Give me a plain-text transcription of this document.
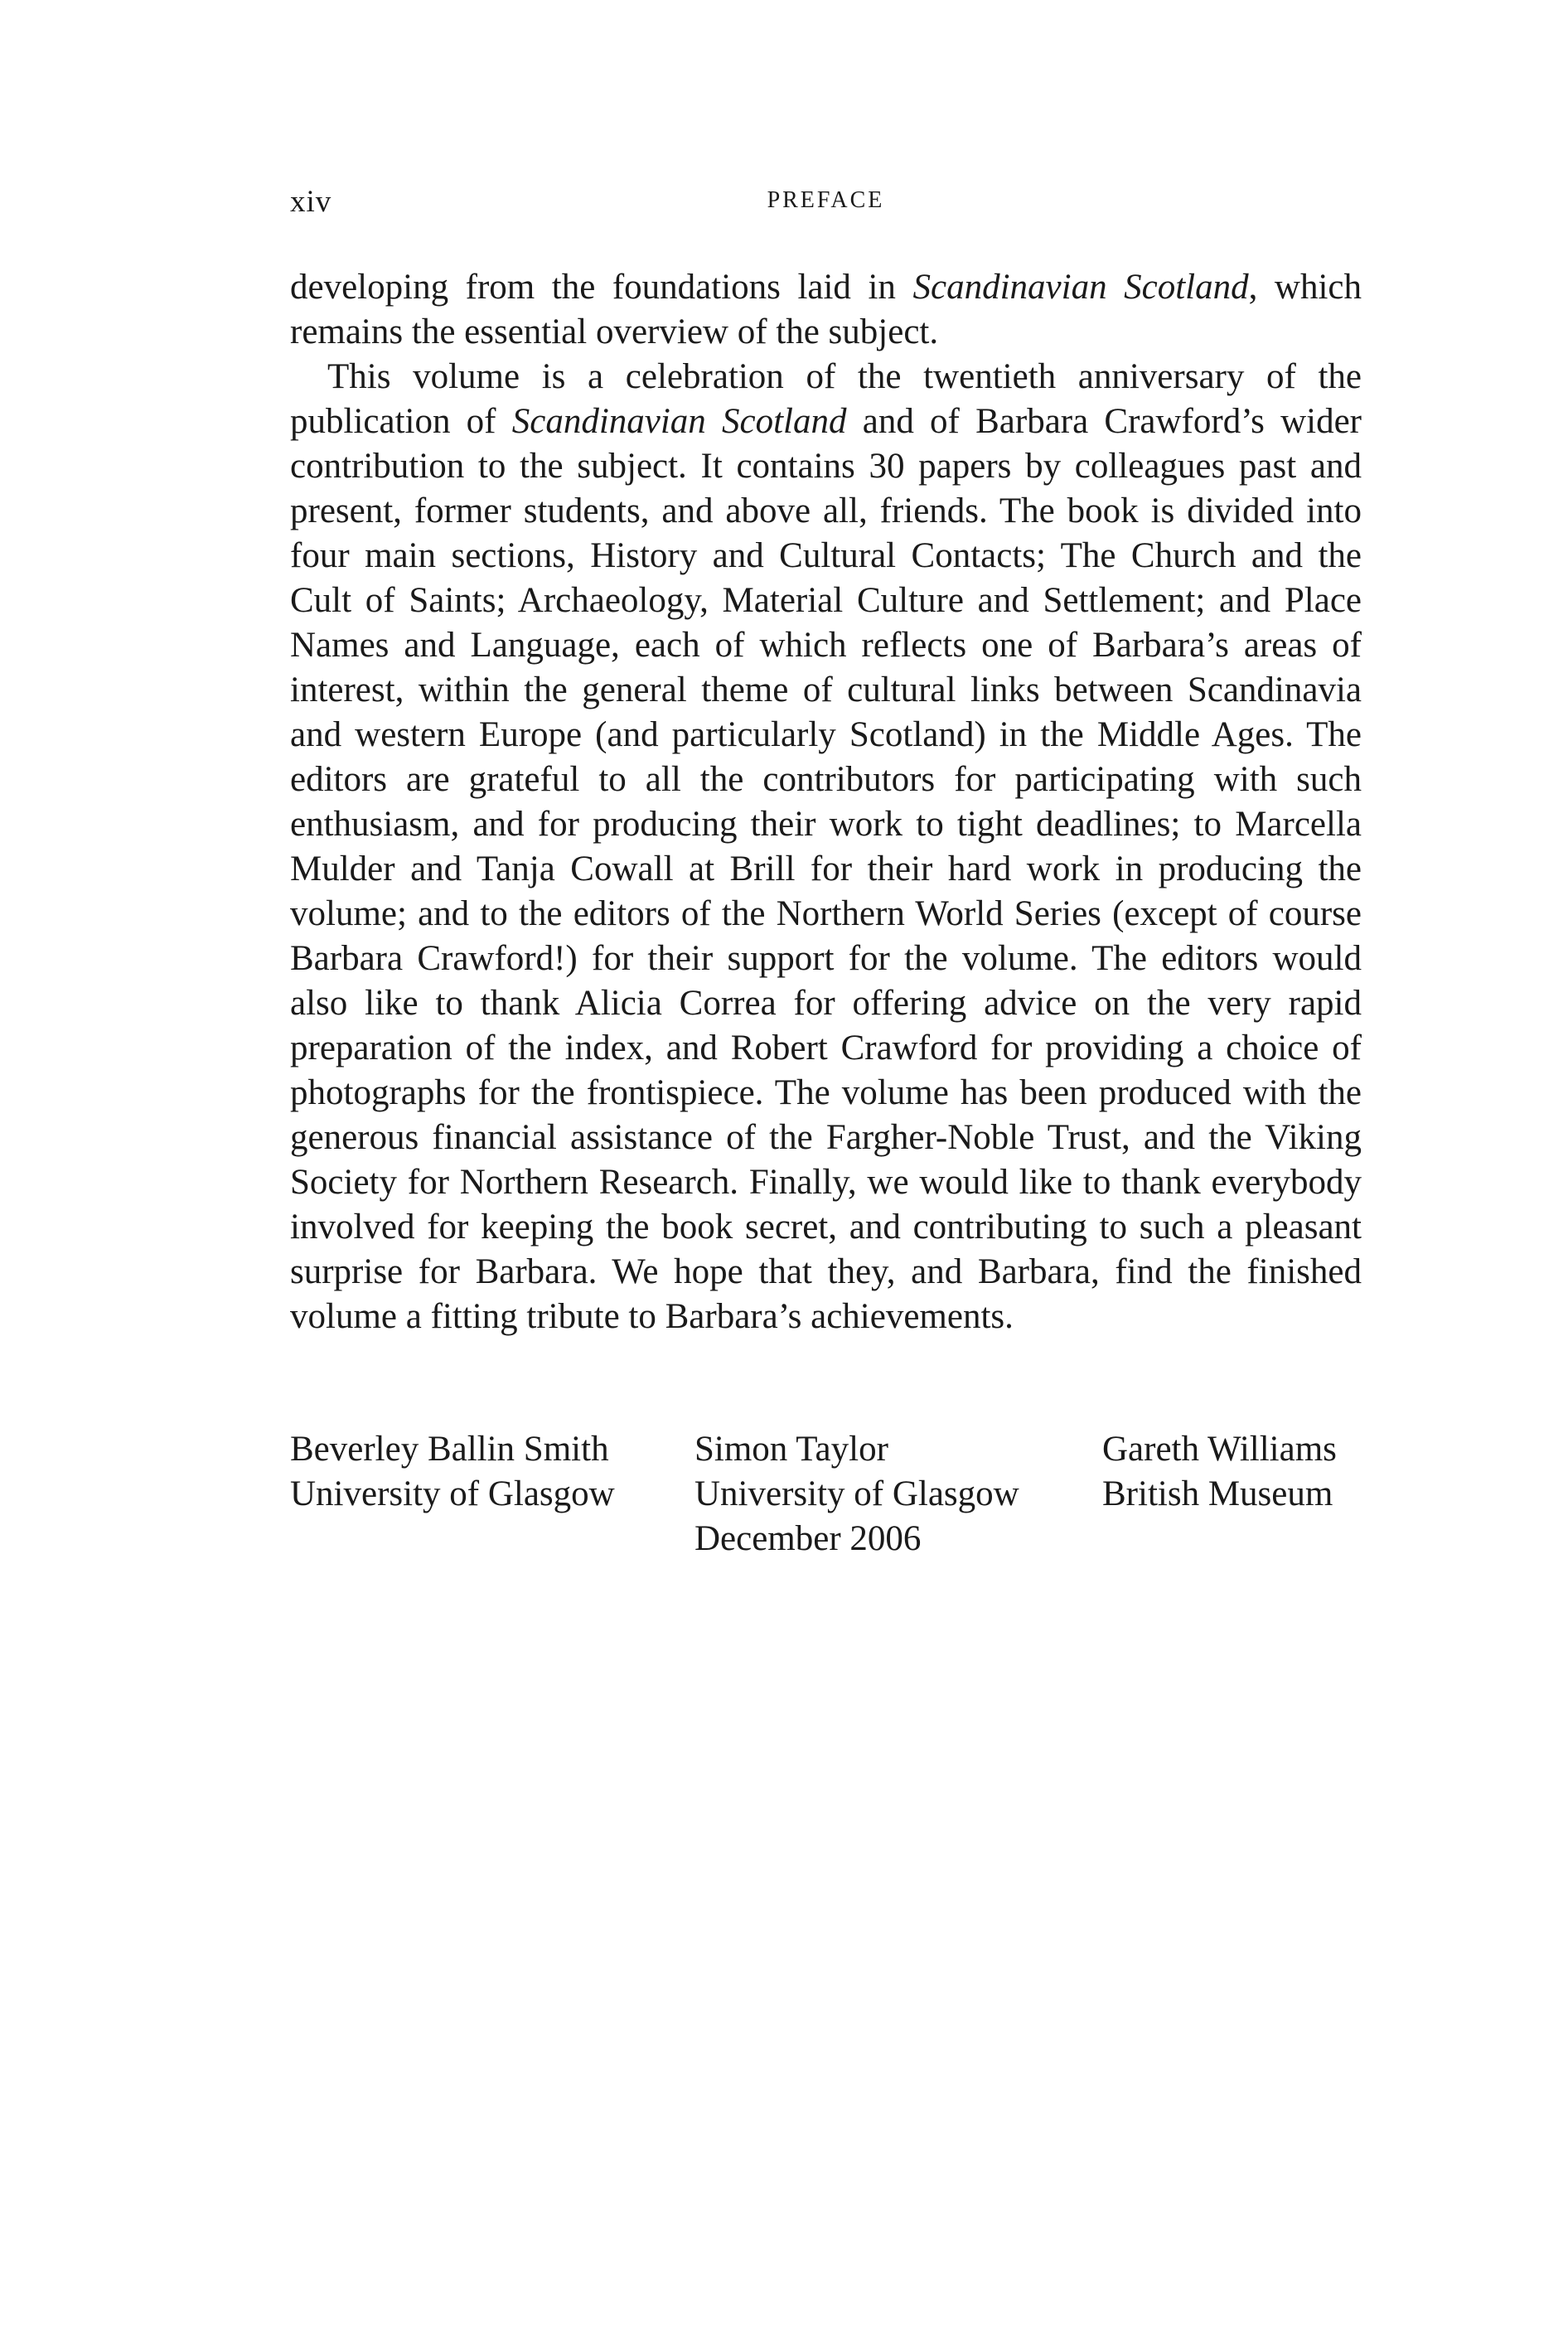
xiv	PREFACE

developing from the foundations laid in Scandinavian Scotland, which remains the essential overview of the subject.

This volume is a celebration of the twentieth anniversary of the publication of Scandinavian Scotland and of Barbara Crawford’s wider contribution to the subject. It contains 30 papers by colleagues past and present, former students, and above all, friends. The book is divided into four main sections, History and Cultural Contacts; The Church and the Cult of Saints; Archaeology, Material Culture and Settlement; and Place Names and Language, each of which reflects one of Barbara’s areas of interest, within the general theme of cultural links between Scandinavia and western Europe (and particularly Scotland) in the Middle Ages. The editors are grateful to all the contributors for participating with such enthusiasm, and for producing their work to tight deadlines; to Marcella Mulder and Tanja Cowall at Brill for their hard work in producing the volume; and to the editors of the Northern World Series (except of course Barbara Crawford!) for their support for the volume. The editors would also like to thank Alicia Correa for offering advice on the very rapid preparation of the index, and Robert Crawford for providing a choice of photographs for the frontispiece. The volume has been produced with the generous financial assistance of the Fargher-Noble Trust, and the Viking Society for Northern Research. Finally, we would like to thank everybody involved for keeping the book secret, and contributing to such a pleasant surprise for Barbara. We hope that they, and Barbara, find the finished volume a fitting tribute to Barbara’s achievements.

Beverley Ballin Smith
University of Glasgow
Simon Taylor
University of Glasgow
December 2006
Gareth Williams
British Museum
